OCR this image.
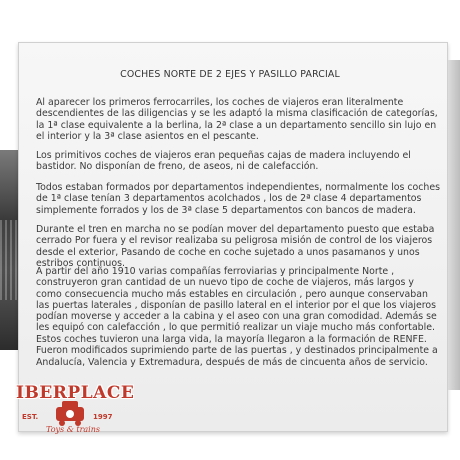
COCHES NORTE DE 2 EJES Y PASILLO PARCIAL

Al aparecer los primeros ferrocarriles, los coches de viajeros eran literalmente descendientes de las diligencias y se les adaptó la misma clasificación de categorías, la 1ª clase equivalente a la berlina, la 2ª clase a un departamento sencillo sin lujo en el interior y la 3ª clase asientos en el pescante.

Los primitivos coches de viajeros eran pequeñas cajas de madera incluyendo el bastidor. No disponían de freno, de aseos, ni de calefacción.

Todos estaban formados por departamentos independientes, normalmente los coches de 1ª clase tenían 3 departamentos acolchados , los de 2ª clase 4 departamentos simplemente forrados y los de 3ª clase 5 departamentos con bancos de madera.

Durante el tren en marcha no se podían mover del departamento puesto que estaba cerrado Por fuera y el revisor realizaba su peligrosa misión de control de los viajeros desde el exterior, Pasando de coche en coche sujetado a unos pasamanos y unos estribos continuos.

A partir del año 1910 varias compañías ferroviarias y principalmente Norte , construyeron gran cantidad de un nuevo tipo de coche de viajeros, más largos y como consecuencia mucho más estables en circulación , pero aunque conservaban las puertas laterales , disponían de pasillo lateral en el interior por el que los viajeros podían moverse y acceder a la cabina y el aseo con una gran comodidad. Además se les equipó con calefacción , lo que permitió realizar un viaje mucho más confortable.

Estos coches tuvieron una larga vida, la mayoría llegaron a la formación de RENFE. Fueron modificados suprimiendo parte de las puertas , y destinados principalmente a Andalucía, Valencia y Extremadura, después de más de cincuenta años de servicio.

IBERPLACE
EST.	1997
Toys & trains
